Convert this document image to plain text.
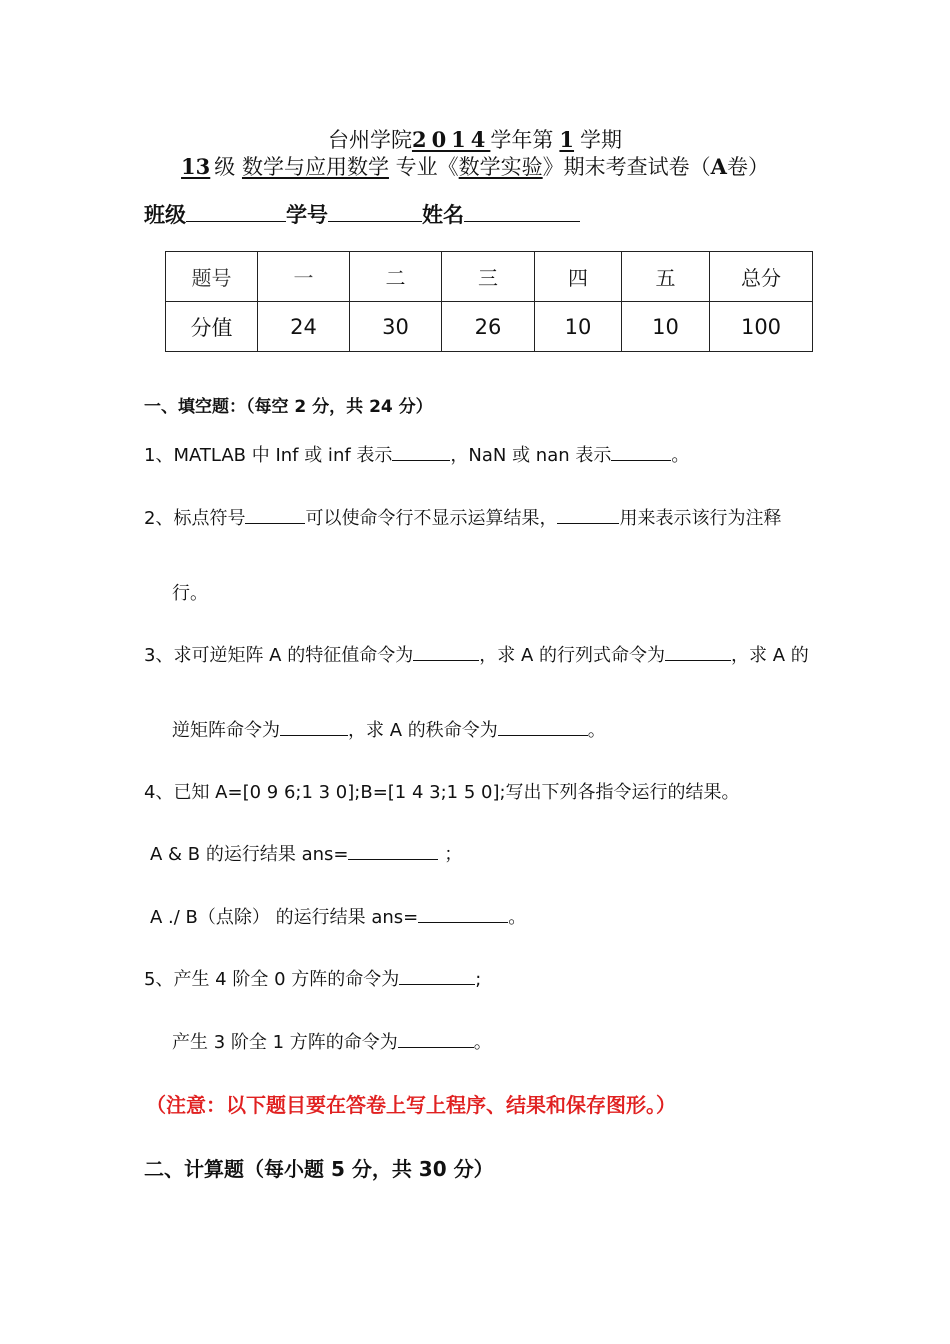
台州学院2014学年第 1 学期
13 级 数学与应用数学 专业《数学实验》期末考查试卷（A卷）
班级	学号	姓名
题号	一	二	三	四	五	总分
分值	24	30	26	10	10	100
一、填空题：（每空 2 分，共 24 分）
1、MATLAB 中 Inf 或 inf 表示	，NaN 或 nan 表示	。
2、标点符号	可以使命令行不显示运算结果，	用来表示该行为注释
行。
3、求可逆矩阵 A 的特征值命令为	，求 A 的行列式命令为	，求 A 的
逆矩阵命令为	，求 A 的秩命令为	。
4、已知 A=[0 9 6;1 3 0];B=[1 4 3;1 5 0];写出下列各指令运行的结果。
A & B 的运行结果 ans=	；
A ./ B（点除） 的运行结果 ans=	。
5、产生 4 阶全 0 方阵的命令为	;
产生 3 阶全 1 方阵的命令为	。
（注意：以下题目要在答卷上写上程序、结果和保存图形。）
二、计算题（每小题 5 分，共 30 分）
